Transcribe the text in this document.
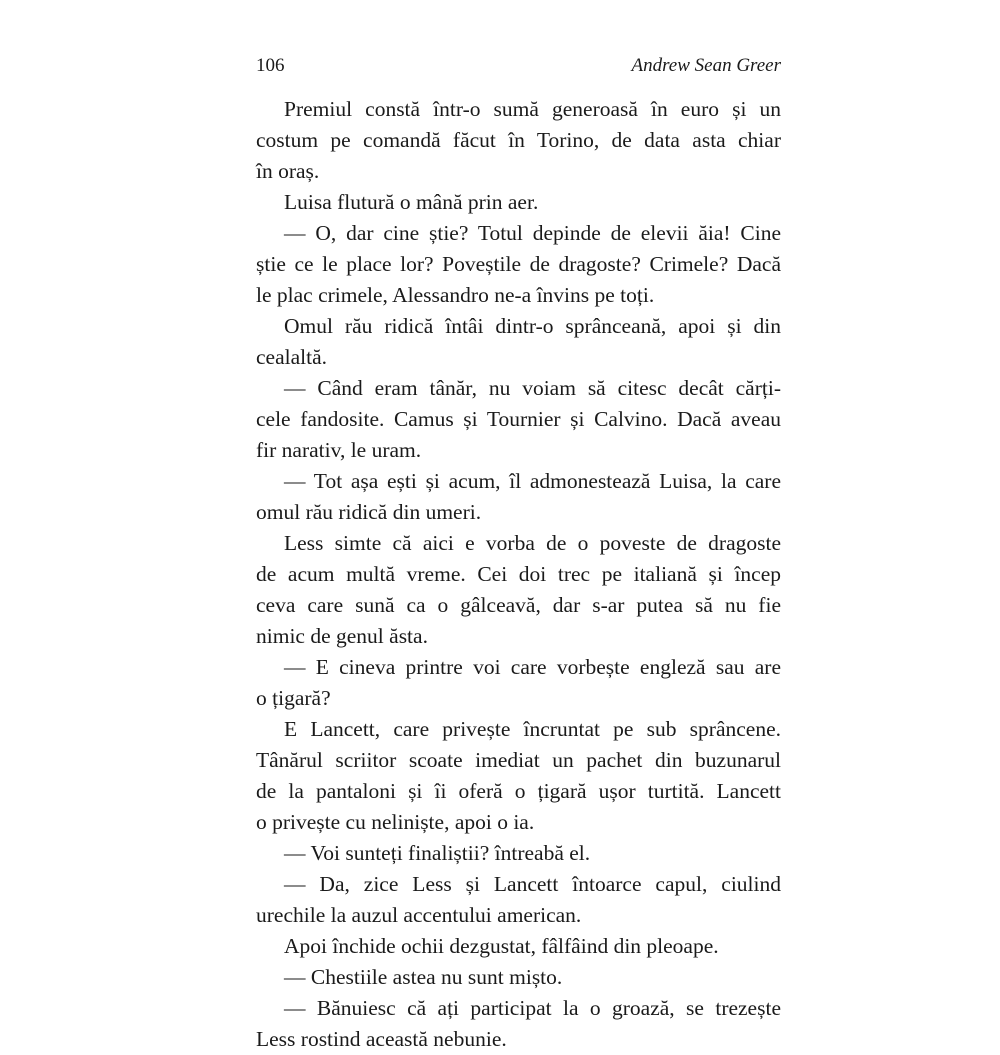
106	Andrew Sean Greer
Premiul constă într-o sumă generoasă în euro și un
costum pe comandă făcut în Torino, de data asta chiar
în oraș.
Luisa flutură o mână prin aer.
— O, dar cine știe? Totul depinde de elevii ăia! Cine
știe ce le place lor? Poveștile de dragoste? Crimele? Dacă
le plac crimele, Alessandro ne-a învins pe toți.
Omul rău ridică întâi dintr-o sprânceană, apoi și din
cealaltă.
— Când eram tânăr, nu voiam să citesc decât cărți-
cele fandosite. Camus și Tournier și Calvino. Dacă aveau
fir narativ, le uram.
— Tot așa ești și acum, îl admonestează Luisa, la care
omul rău ridică din umeri.
Less simte că aici e vorba de o poveste de dragoste
de acum multă vreme. Cei doi trec pe italiană și încep
ceva care sună ca o gâlceavă, dar s-ar putea să nu fie
nimic de genul ăsta.
— E cineva printre voi care vorbește engleză sau are
o țigară?
E Lancett, care privește încruntat pe sub sprâncene.
Tânărul scriitor scoate imediat un pachet din buzunarul
de la pantaloni și îi oferă o țigară ușor turtită. Lancett
o privește cu neliniște, apoi o ia.
— Voi sunteți finaliștii? întreabă el.
— Da, zice Less și Lancett întoarce capul, ciulind
urechile la auzul accentului american.
Apoi închide ochii dezgustat, fâlfâind din pleoape.
— Chestiile astea nu sunt mișto.
— Bănuiesc că ați participat la o groază, se trezește
Less rostind această nebunie.
